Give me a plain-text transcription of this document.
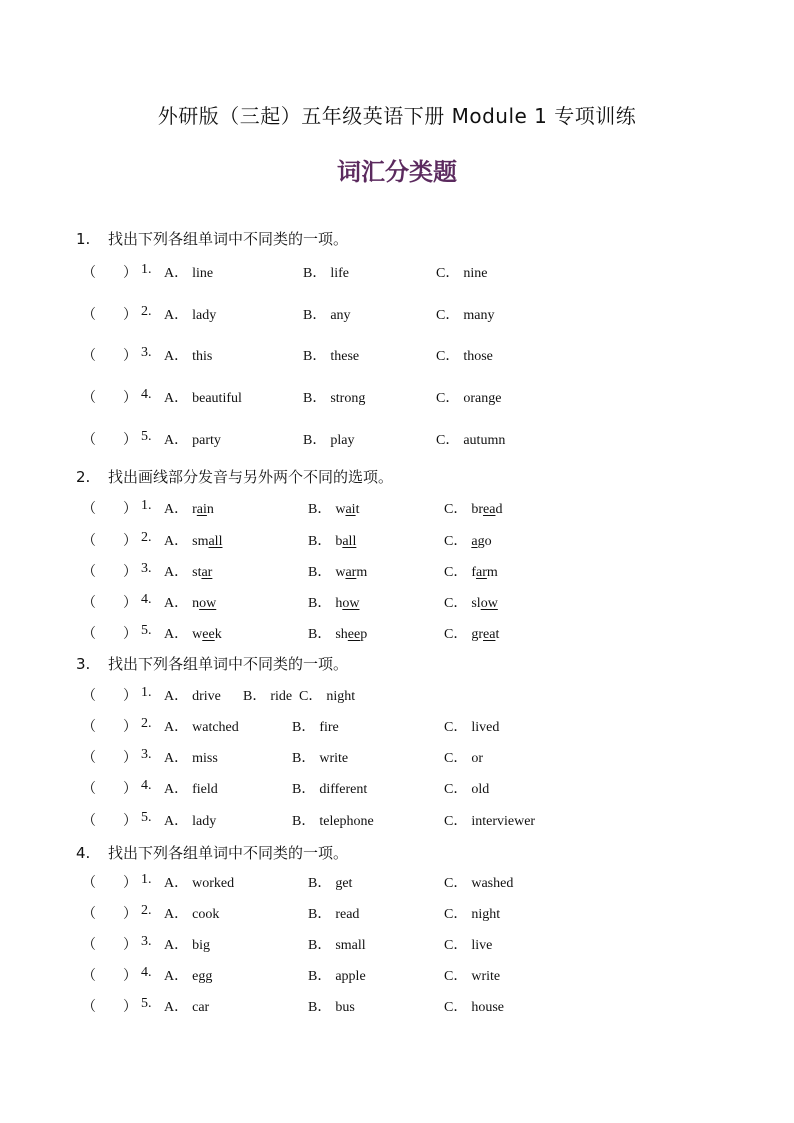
外研版（三起）五年级英语下册 Module 1 专项训练
词汇分类题
1. 找出下列各组单词中不同类的一项。
（ ） 1. A． line	B． life	C． nine
（ ） 2. A． lady	B． any	C． many
（ ） 3. A． this	B． these	C． those
（ ） 4. A． beautiful	B． strong	C． orange
（ ） 5. A． party	B． play	C． autumn
2. 找出画线部分发音与另外两个不同的选项。
（ ） 1. A． rain	B． wait	C． bread
（ ） 2. A． small	B． ball	C． ago
（ ） 3. A． star	B． warm	C． farm
（ ） 4. A． now	B． how	C． slow
（ ） 5. A． week	B． sheep	C． great
3. 找出下列各组单词中不同类的一项。
（ ） 1. A． drive B． ride C． night
（ ） 2. A． watched	B． fire	C． lived
（ ） 3. A． miss	B． write	C． or
（ ） 4. A． field	B． different	C． old
（ ） 5. A． lady	B． telephone	C． interviewer
4. 找出下列各组单词中不同类的一项。
（ ） 1. A． worked	B． get	C． washed
（ ） 2. A． cook	B． read	C． night
（ ） 3. A． big	B． small	C． live
（ ） 4. A． egg	B． apple	C． write
（ ） 5. A． car	B． bus	C． house
